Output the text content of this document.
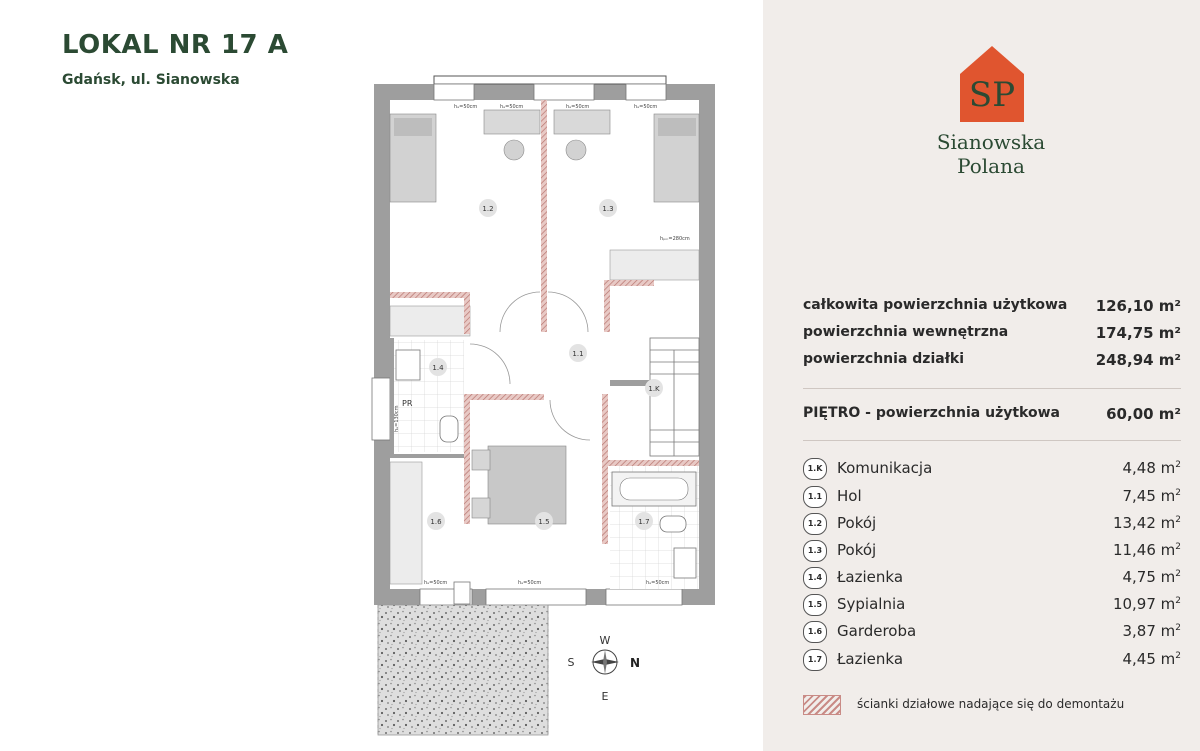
LOKAL NR 17 A
Gdańsk, ul. Sianowska
1.2	1.3
1.1
1.4
1.K
1.6	1.5	1.7
hₐ=50cm	hₐ=50cm	hₐ=50cm	hₐ=50cm
hₐ=50cm	hₐ=50cm	hₐ=50cm
hₚₘ=280cm
hₐ=130cm
PR
W
S	N
E
SP
Sianowska
Polana
całkowita powierzchnia użytkowa 126,10 m²
powierzchnia wewnętrzna	174,75 m²
powierzchnia działki	248,94 m²
PIĘTRO - powierzchnia użytkowa	60,00 m²
1.K Komunikacja	4,48 $m^2$
1.1 Hol	7,45 $m^2$
1.2 Pokój	13,42 $m^2$
1.3 Pokój	11,46 $m^2$
1.4 Łazienka	4,75 $m^2$
1.5 Sypialnia	10,97 $m^2$
1.6 Garderoba	3,87 $m^2$
1.7 Łazienka	4,45 $m^2$
ścianki działowe nadające się do demontażu
